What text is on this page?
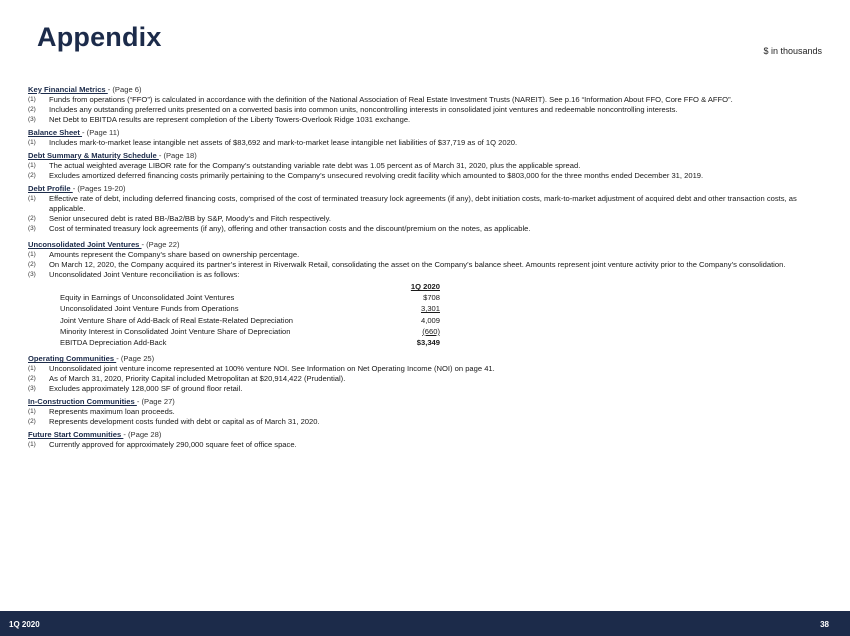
Appendix	$ in thousands
Key Financial Metrics - (Page 6)
(1)	Funds from operations (“FFO”) is calculated in accordance with the definition of the National Association of Real Estate Investment Trusts (NAREIT). See p.16 “Information About FFO, Core FFO & AFFO”.
(2)	Includes any outstanding preferred units presented on a converted basis into common units, noncontrolling interests in consolidated joint ventures and redeemable noncontrolling interests.
(3)	Net Debt to EBITDA results are represent completion of the Liberty Towers-Overlook Ridge 1031 exchange.
Balance Sheet - (Page 11)
(1)	Includes mark-to-market lease intangible net assets of $83,692 and mark-to-market lease intangible net liabilities of $37,719 as of 1Q 2020.
Debt Summary & Maturity Schedule - (Page 18)
(1)	The actual weighted average LIBOR rate for the Company’s outstanding variable rate debt was 1.05 percent as of March 31, 2020, plus the applicable spread.
(2)	Excludes amortized deferred financing costs primarily pertaining to the Company’s unsecured revolving credit facility which amounted to $803,000 for the three months ended December 31, 2019.
Debt Profile - (Pages 19-20)
(1)	Effective rate of debt, including deferred financing costs, comprised of the cost of terminated treasury lock agreements (if any), debt initiation costs, mark-to-market adjustment of acquired debt and other transaction costs, as applicable.
(2)	Senior unsecured debt is rated BB-/Ba2/BB by S&P, Moody’s and Fitch respectively.
(3)	Cost of terminated treasury lock agreements (if any), offering and other transaction costs and the discount/premium on the notes, as applicable.
Unconsolidated Joint Ventures - (Page 22)
(1)	Amounts represent the Company’s share based on ownership percentage.
(2)	On March 12, 2020, the Company acquired its partner’s interest in Riverwalk Retail, consolidating the asset on the Company’s balance sheet. Amounts represent joint venture activity prior to the Company’s consolidation.
(3)	Unconsolidated Joint Venture reconciliation is as follows:
1Q 2020
Equity in Earnings of Unconsolidated Joint Ventures	$708
Unconsolidated Joint Venture Funds from Operations	3,301
Joint Venture Share of Add-Back of Real Estate-Related Depreciation	4,009
Minority Interest in Consolidated Joint Venture Share of Depreciation	(660)
EBITDA Depreciation Add-Back	$3,349
Operating Communities - (Page 25)
(1)	Unconsolidated joint venture income represented at 100% venture NOI. See Information on Net Operating Income (NOI) on page 41.
(2)	As of March 31, 2020, Priority Capital included Metropolitan at $20,914,422 (Prudential).
(3)	Excludes approximately 128,000 SF of ground floor retail.
In-Construction Communities - (Page 27)
(1)	Represents maximum loan proceeds.
(2)	Represents development costs funded with debt or capital as of March 31, 2020.
Future Start Communities - (Page 28)
(1)	Currently approved for approximately 290,000 square feet of office space.
1Q 2020	38
